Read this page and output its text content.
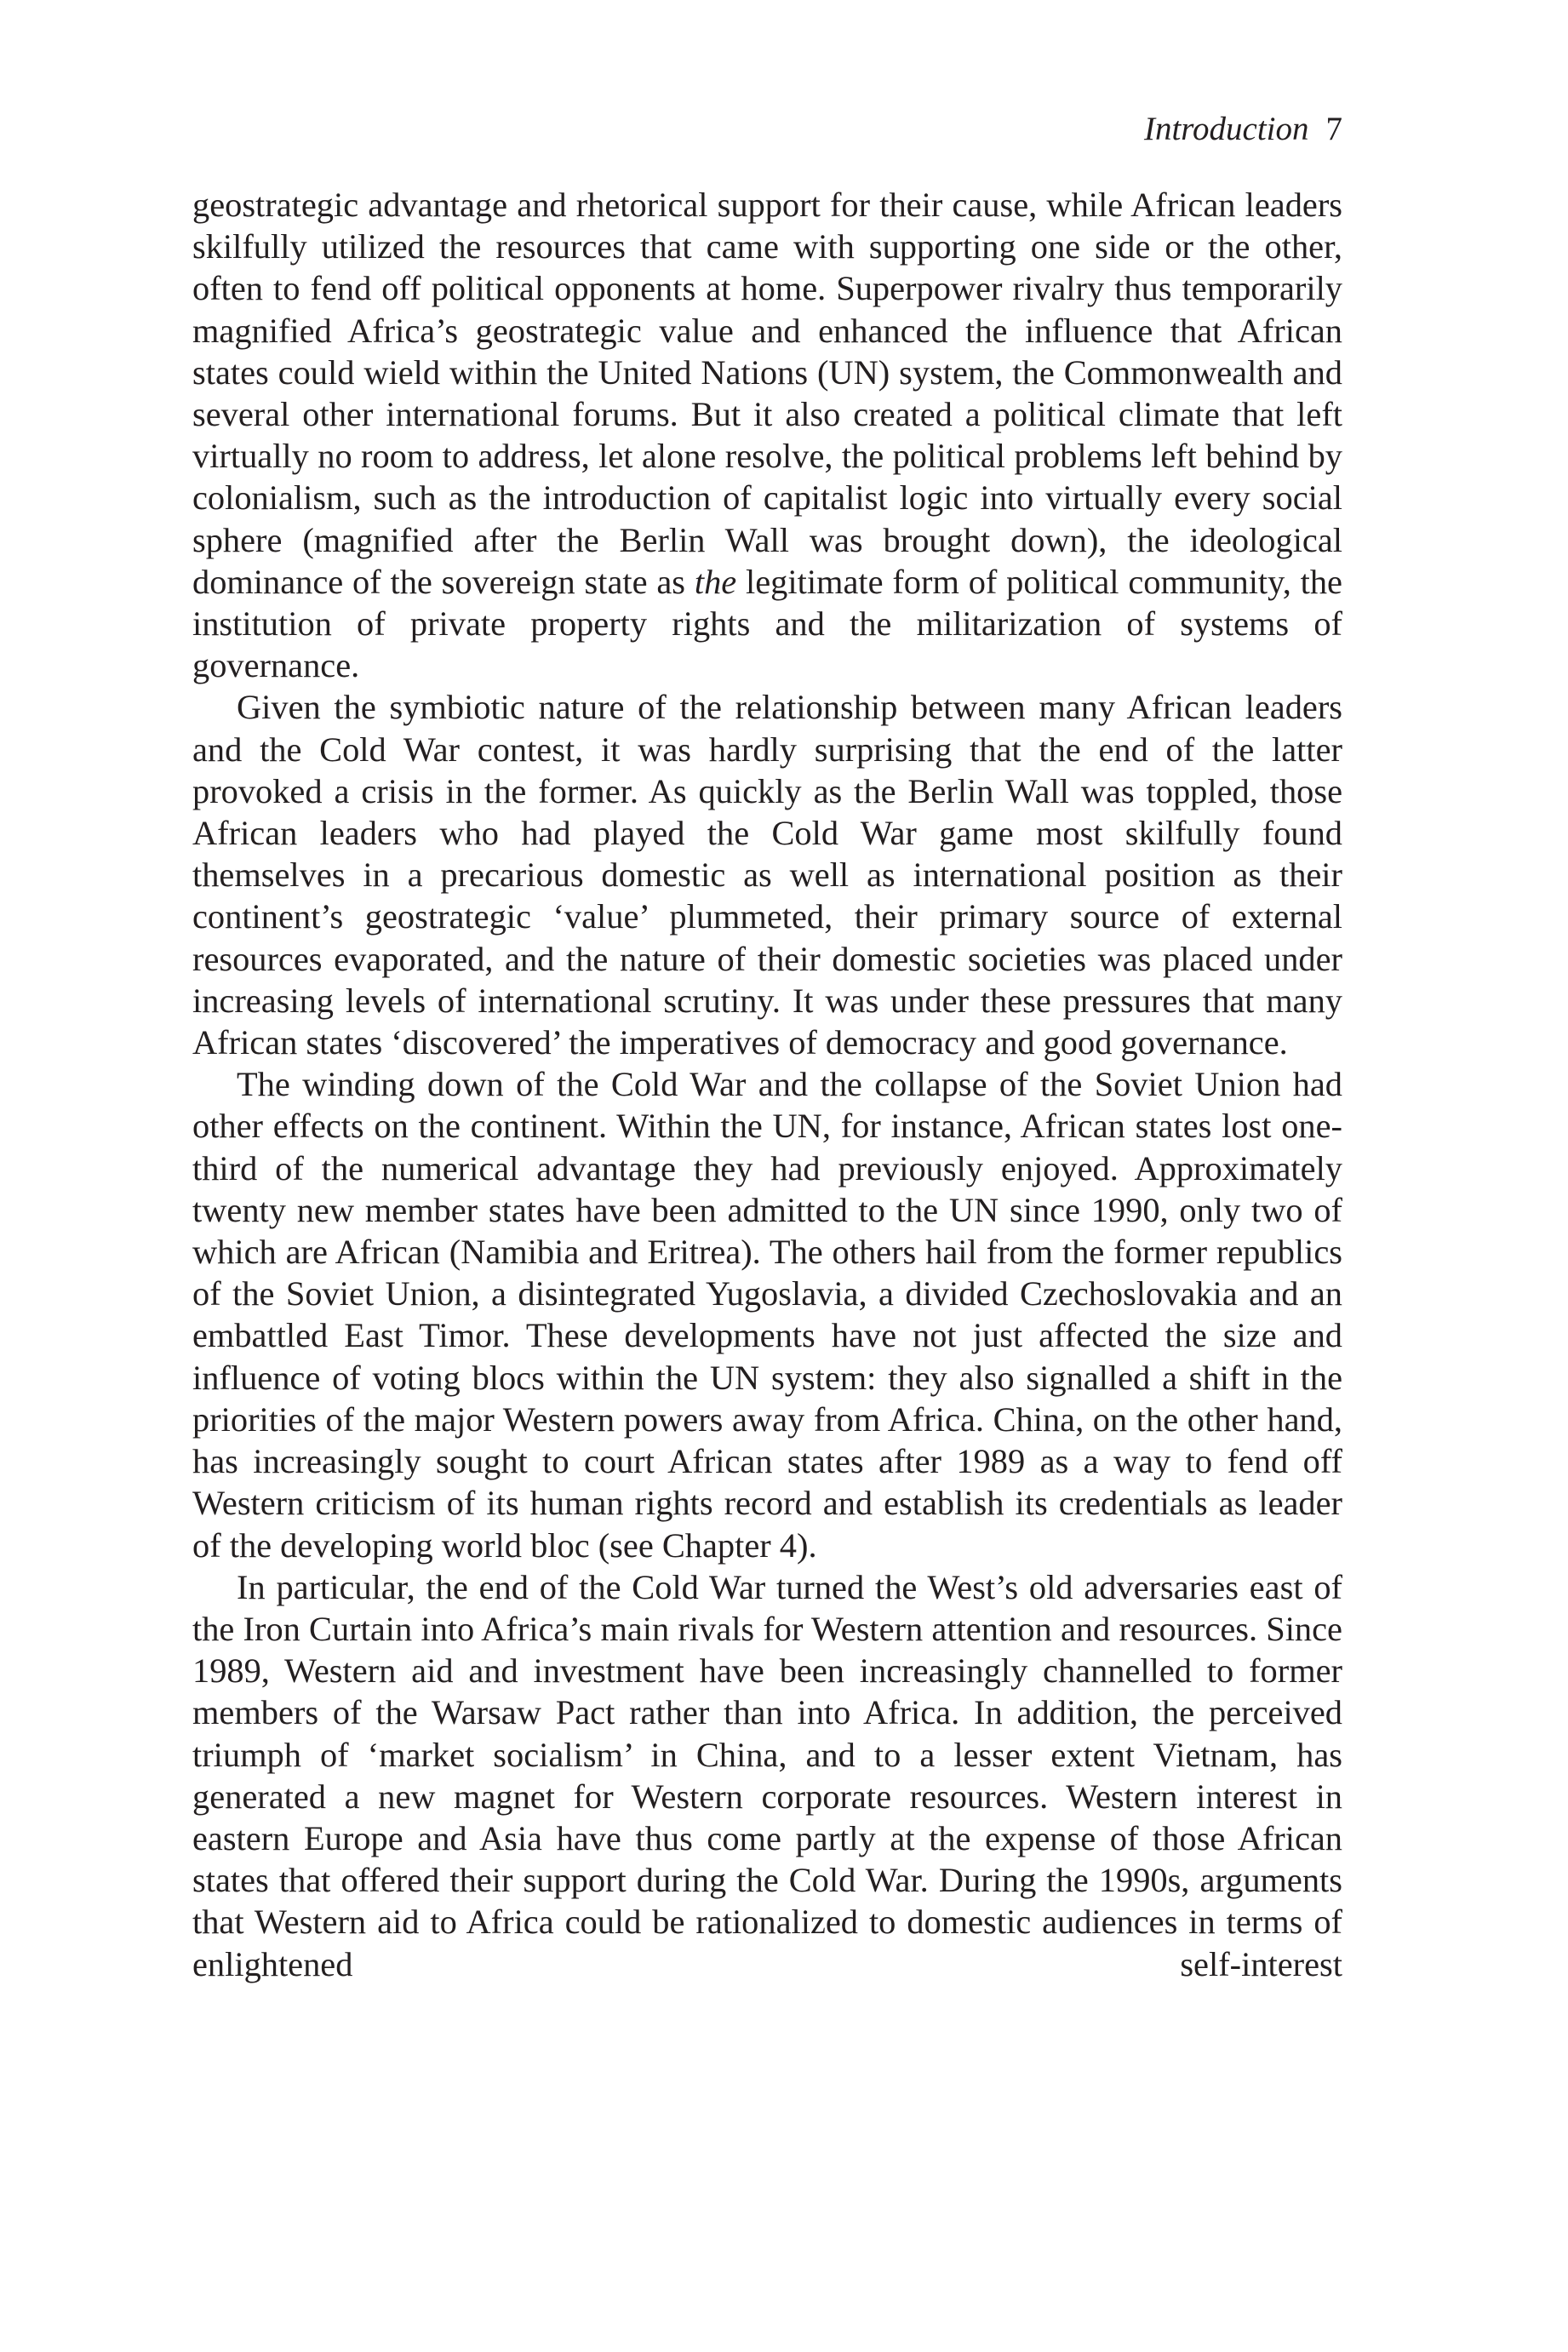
Introduction 7

geostrategic advantage and rhetorical support for their cause, while African leaders skilfully utilized the resources that came with supporting one side or the other, often to fend off political opponents at home. Superpower rivalry thus temporarily magnified Africa’s geostrategic value and enhanced the influence that African states could wield within the United Nations (UN) system, the Commonwealth and several other international forums. But it also created a political climate that left virtually no room to address, let alone resolve, the political problems left behind by colonialism, such as the introduction of capitalist logic into virtually every social sphere (magnified after the Berlin Wall was brought down), the ideological dominance of the sovereign state as the legitimate form of political community, the institution of private property rights and the militarization of systems of governance.

Given the symbiotic nature of the relationship between many African leaders and the Cold War contest, it was hardly surprising that the end of the latter provoked a crisis in the former. As quickly as the Berlin Wall was toppled, those African leaders who had played the Cold War game most skilfully found themselves in a precarious domestic as well as international position as their continent’s geostrategic ‘value’ plummeted, their primary source of external resources evaporated, and the nature of their domestic societies was placed under increasing levels of international scrutiny. It was under these pressures that many African states ‘discovered’ the imperatives of democracy and good governance.

The winding down of the Cold War and the collapse of the Soviet Union had other effects on the continent. Within the UN, for instance, African states lost one-third of the numerical advantage they had previously enjoyed. Approximately twenty new member states have been admitted to the UN since 1990, only two of which are African (Namibia and Eritrea). The others hail from the former republics of the Soviet Union, a disintegrated Yugoslavia, a divided Czechoslovakia and an embattled East Timor. These developments have not just affected the size and influence of voting blocs within the UN system: they also signalled a shift in the priorities of the major Western powers away from Africa. China, on the other hand, has increasingly sought to court African states after 1989 as a way to fend off Western criticism of its human rights record and establish its credentials as leader of the developing world bloc (see Chapter 4).

In particular, the end of the Cold War turned the West’s old adversaries east of the Iron Curtain into Africa’s main rivals for Western attention and resources. Since 1989, Western aid and investment have been increasingly channelled to former members of the Warsaw Pact rather than into Africa. In addition, the perceived triumph of ‘market socialism’ in China, and to a lesser extent Vietnam, has generated a new magnet for Western corporate resources. Western interest in eastern Europe and Asia have thus come partly at the expense of those African states that offered their support during the Cold War. During the 1990s, arguments that Western aid to Africa could be rationalized to domestic audiences in terms of enlightened self-interest
